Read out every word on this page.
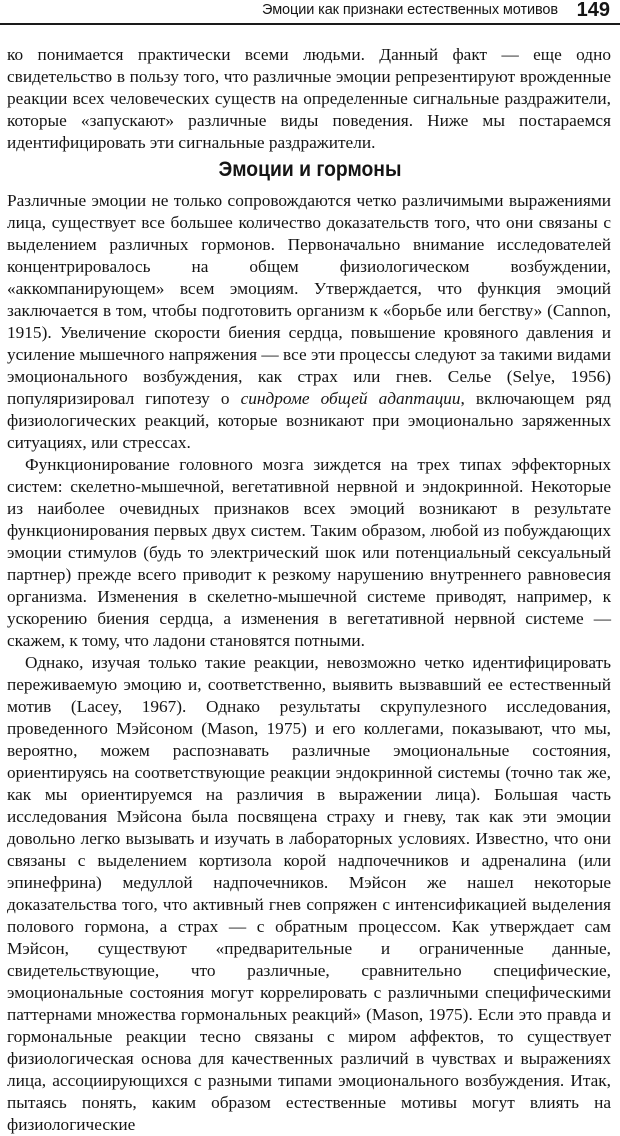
Эмоции как признаки естественных мотивов 149

ко понимается практически всеми людьми. Данный факт — еще одно свидетельство в пользу того, что различные эмоции репрезентируют врожденные реакции всех человеческих существ на определенные сигнальные раздражители, которые «запускают» различные виды поведения. Ниже мы постараемся идентифицировать эти сигнальные раздражители.

Эмоции и гормоны

Различные эмоции не только сопровождаются четко различимыми выражениями лица, существует все большее количество доказательств того, что они связаны с выделением различных гормонов. Первоначально внимание исследователей концентрировалось на общем физиологическом возбуждении, «аккомпанирующем» всем эмоциям. Утверждается, что функция эмоций заключается в том, чтобы подготовить организм к «борьбе или бегству» (Cannon, 1915). Увеличение скорости биения сердца, повышение кровяного давления и усиление мышечного напряжения — все эти процессы следуют за такими видами эмоционального возбуждения, как страх или гнев. Селье (Selye, 1956) популяризировал гипотезу о синдроме общей адаптации, включающем ряд физиологических реакций, которые возникают при эмоционально заряженных ситуациях, или стрессах.

Функционирование головного мозга зиждется на трех типах эффекторных систем: скелетно-мышечной, вегетативной нервной и эндокринной. Некоторые из наиболее очевидных признаков всех эмоций возникают в результате функционирования первых двух систем. Таким образом, любой из побуждающих эмоции стимулов (будь то электрический шок или потенциальный сексуальный партнер) прежде всего приводит к резкому нарушению внутреннего равновесия организма. Изменения в скелетно-мышечной системе приводят, например, к ускорению биения сердца, а изменения в вегетативной нервной системе — скажем, к тому, что ладони становятся потными.

Однако, изучая только такие реакции, невозможно четко идентифицировать переживаемую эмоцию и, соответственно, выявить вызвавший ее естественный мотив (Lacey, 1967). Однако результаты скрупулезного исследования, проведенного Мэйсоном (Mason, 1975) и его коллегами, показывают, что мы, вероятно, можем распознавать различные эмоциональные состояния, ориентируясь на соответствующие реакции эндокринной системы (точно так же, как мы ориентируемся на различия в выражении лица). Большая часть исследования Мэйсона была посвящена страху и гневу, так как эти эмоции довольно легко вызывать и изучать в лабораторных условиях. Известно, что они связаны с выделением кортизола корой надпочечников и адреналина (или эпинефрина) медуллой надпочечников. Мэйсон же нашел некоторые доказательства того, что активный гнев сопряжен с интенсификацией выделения полового гормона, а страх — с обратным процессом. Как утверждает сам Мэйсон, существуют «предварительные и ограниченные данные, свидетельствующие, что различные, сравнительно специфические, эмоциональные состояния могут коррелировать с различными специфическими паттернами множества гормональных реакций» (Mason, 1975). Если это правда и гормональные реакции тесно связаны с миром аффектов, то существует физиологическая основа для качественных различий в чувствах и выражениях лица, ассоциирующихся с разными типами эмоционального возбуждения. Итак, пытаясь понять, каким образом естественные мотивы могут влиять на физиологические
